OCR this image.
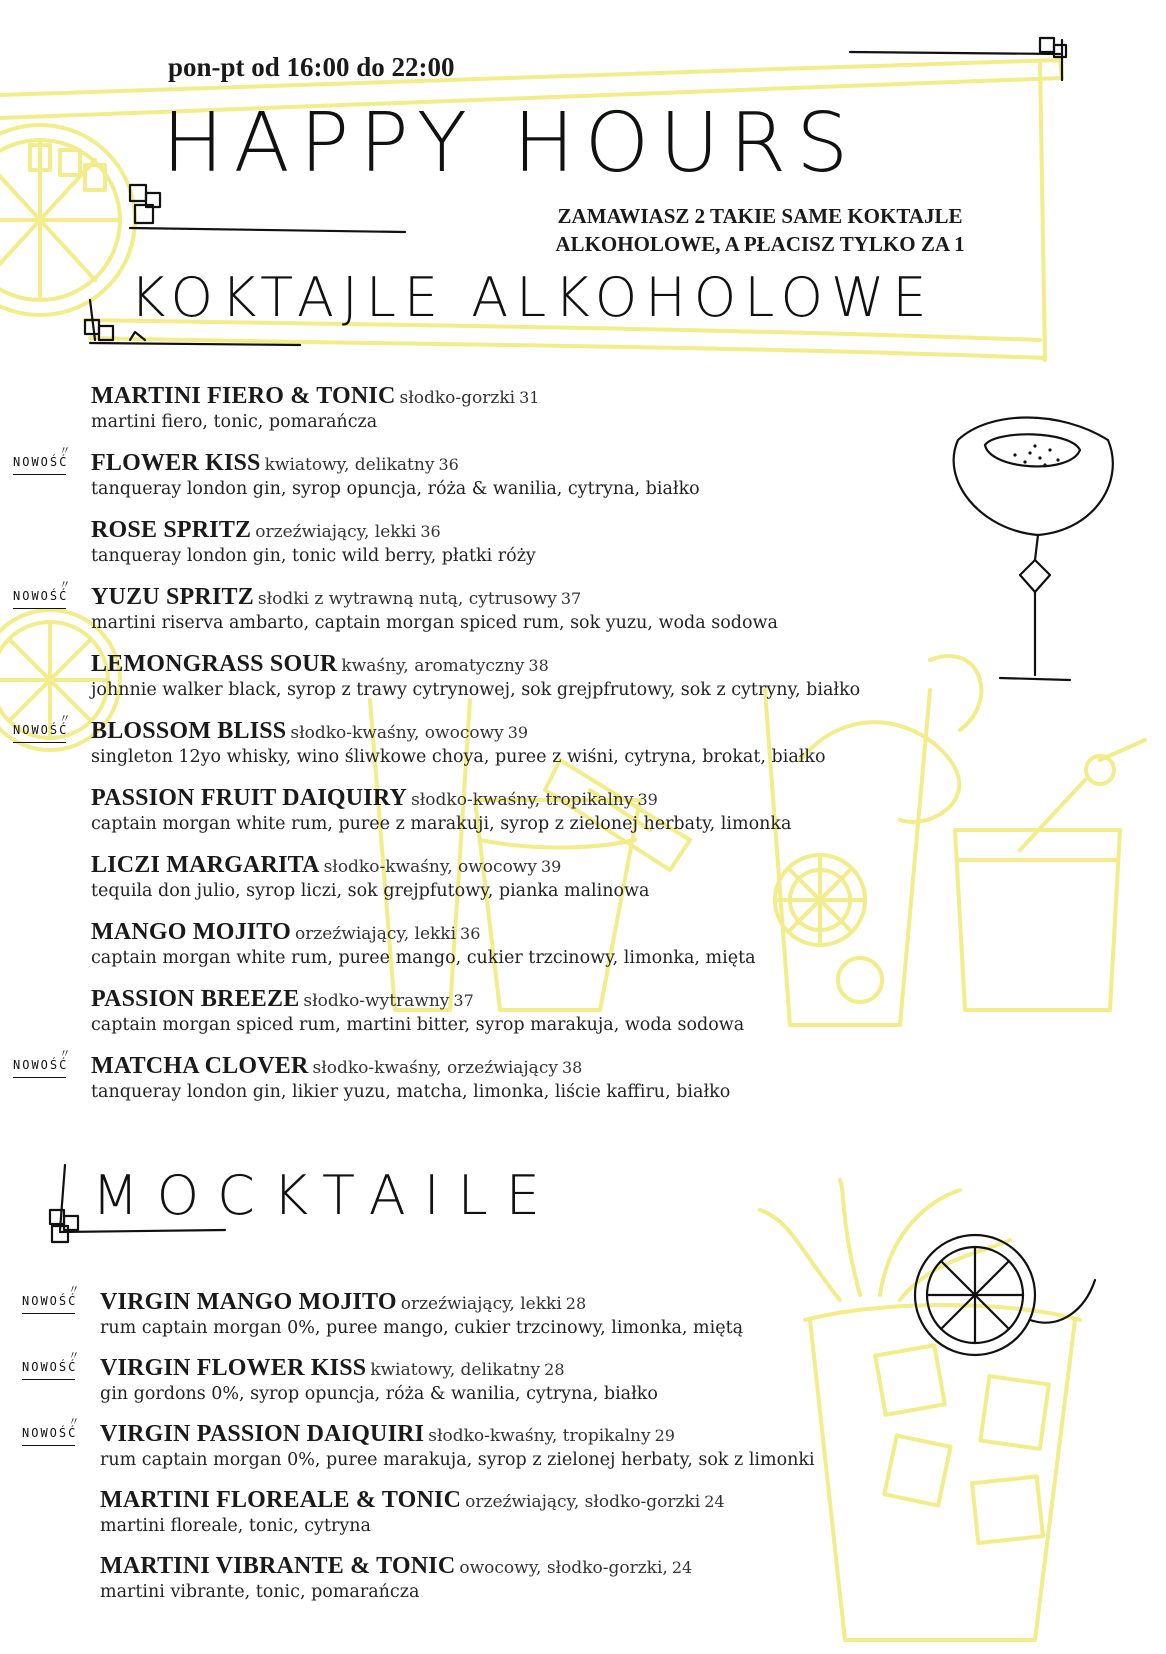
pon-pt od 16:00 do 22:00
HAPPY HOURS
ZAMAWIASZ 2 TAKIE SAME KOKTAJLE
ALKOHOLOWE, A PŁACISZ TYLKO ZA 1
KOKTAJLE ALKOHOLOWE
MARTINI FIERO & TONIC słodko-gorzki 31
martini fiero, tonic, pomarańcza
〃 NOWOŚĆ FLOWER KISS kwiatowy, delikatny 36
tanqueray london gin, syrop opuncja, róża & wanilia, cytryna, białko
ROSE SPRITZ orzeźwiający, lekki 36
tanqueray london gin, tonic wild berry, płatki róży
〃 NOWOŚĆ YUZU SPRITZ słodki z wytrawną nutą, cytrusowy 37
martini riserva ambarto, captain morgan spiced rum, sok yuzu, woda sodowa
LEMONGRASS SOUR kwaśny, aromatyczny 38
johnnie walker black, syrop z trawy cytrynowej, sok grejpfrutowy, sok z cytryny, białko
〃 NOWOŚĆ BLOSSOM BLISS słodko-kwaśny, owocowy 39
singleton 12yo whisky, wino śliwkowe choya, puree z wiśni, cytryna, brokat, białko
PASSION FRUIT DAIQUIRY słodko-kwaśny, tropikalny 39
captain morgan white rum, puree z marakuji, syrop z zielonej herbaty, limonka
LICZI MARGARITA słodko-kwaśny, owocowy 39
tequila don julio, syrop liczi, sok grejpfutowy, pianka malinowa
MANGO MOJITO orzeźwiający, lekki 36
captain morgan white rum, puree mango, cukier trzcinowy, limonka, mięta
PASSION BREEZE słodko-wytrawny 37
captain morgan spiced rum, martini bitter, syrop marakuja, woda sodowa
〃 NOWOŚĆ MATCHA CLOVER słodko-kwaśny, orzeźwiający 38
tanqueray london gin, likier yuzu, matcha, limonka, liście kaffiru, białko
MOCKTAILE
〃 NOWOŚĆ VIRGIN MANGO MOJITO orzeźwiający, lekki 28
rum captain morgan 0%, puree mango, cukier trzcinowy, limonka, miętą
〃 NOWOŚĆ VIRGIN FLOWER KISS kwiatowy, delikatny 28
gin gordons 0%, syrop opuncja, róża & wanilia, cytryna, białko
〃 NOWOŚĆ VIRGIN PASSION DAIQUIRI słodko-kwaśny, tropikalny 29
rum captain morgan 0%, puree marakuja, syrop z zielonej herbaty, sok z limonki
MARTINI FLOREALE & TONIC orzeźwiający, słodko-gorzki 24
martini floreale, tonic, cytryna
MARTINI VIBRANTE & TONIC owocowy, słodko-gorzki, 24
martini vibrante, tonic, pomarańcza
